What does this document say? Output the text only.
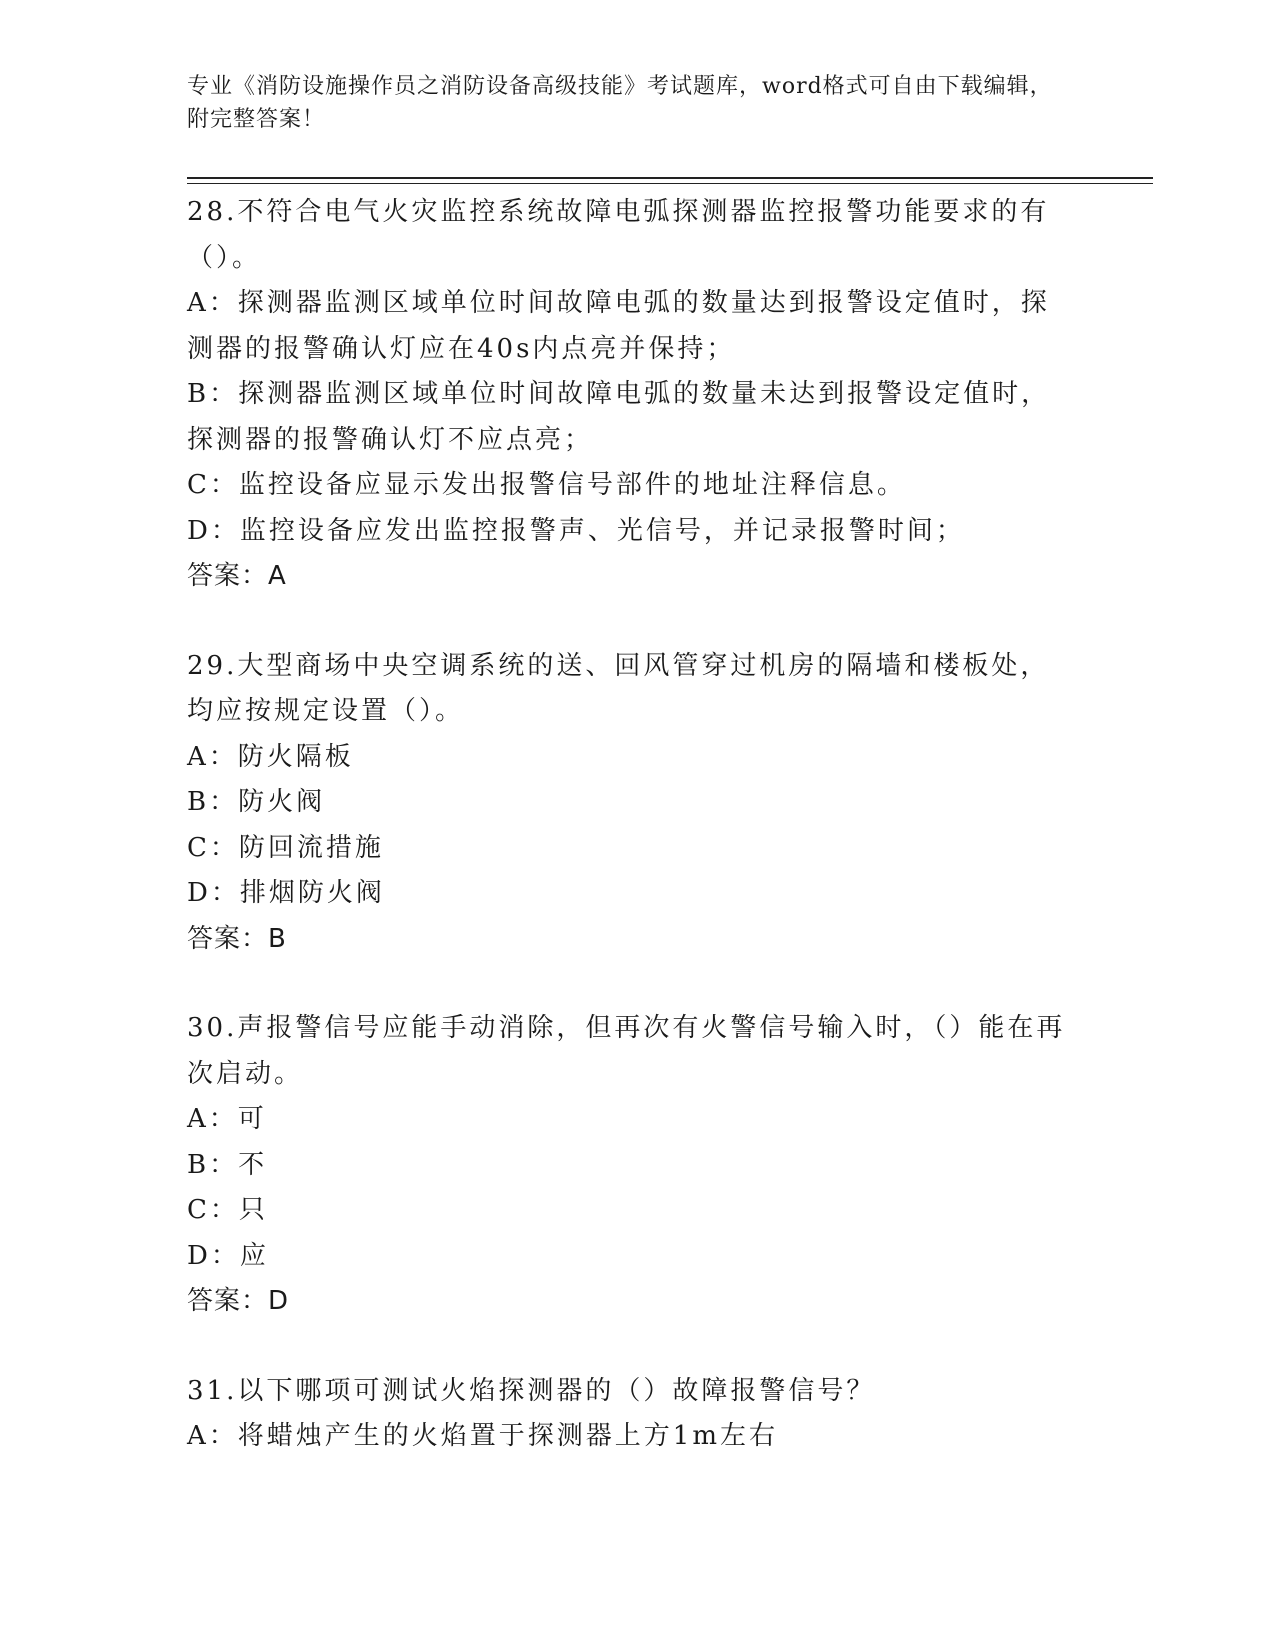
专业《消防设施操作员之消防设备高级技能》考试题库，word格式可自由下载编辑，附完整答案！
28.不符合电气火灾监控系统故障电弧探测器监控报警功能要求的有（）。
A：探测器监测区域单位时间故障电弧的数量达到报警设定值时，探测器的报警确认灯应在40s内点亮并保持；
B：探测器监测区域单位时间故障电弧的数量未达到报警设定值时，探测器的报警确认灯不应点亮；
C：监控设备应显示发出报警信号部件的地址注释信息。
D：监控设备应发出监控报警声、光信号，并记录报警时间；
答案：A
29.大型商场中央空调系统的送、回风管穿过机房的隔墙和楼板处，均应按规定设置（）。
A：防火隔板
B：防火阀
C：防回流措施
D：排烟防火阀
答案：B
30.声报警信号应能手动消除，但再次有火警信号输入时，（）能在再次启动。
A：可
B：不
C：只
D：应
答案：D
31.以下哪项可测试火焰探测器的（）故障报警信号？
A：将蜡烛产生的火焰置于探测器上方1m左右
